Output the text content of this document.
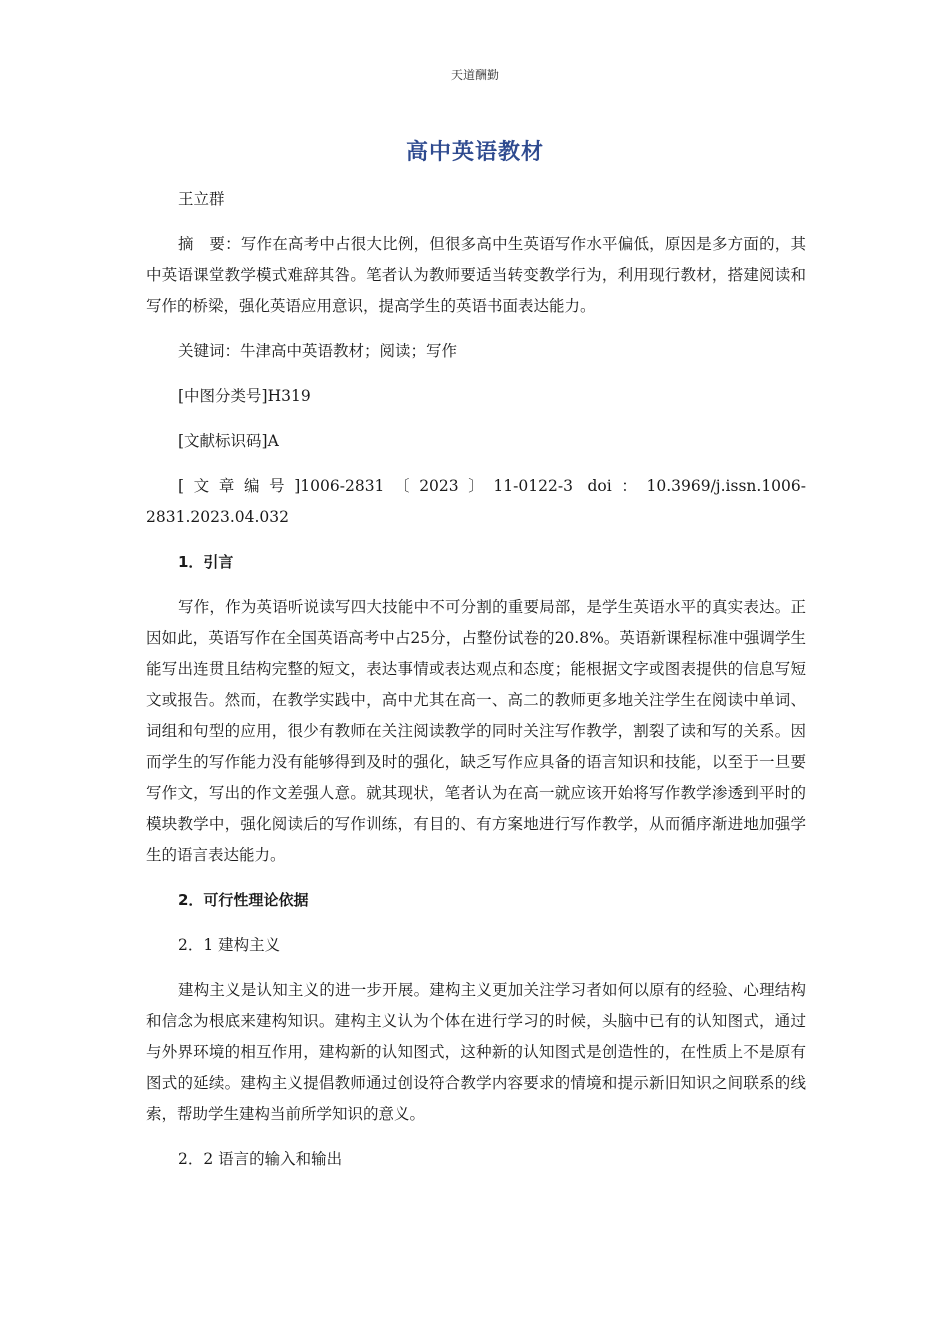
天道酬勤
高中英语教材

王立群

摘　要：写作在高考中占很大比例，但很多高中生英语写作水平偏低，原因是多方面的，其中英语课堂教学模式难辞其咎。笔者认为教师要适当转变教学行为，利用现行教材，搭建阅读和写作的桥梁，强化英语应用意识，提高学生的英语书面表达能力。

关键词：牛津高中英语教材；阅读；写作

[中图分类号]H319

[文献标识码]A

[文章编号]1006-2831〔2023〕11-0122-3 doi：10.3969/j.issn.1006-2831.2023.04.032

1．引言

写作，作为英语听说读写四大技能中不可分割的重要局部，是学生英语水平的真实表达。正因如此，英语写作在全国英语高考中占25分，占整份试卷的20.8%。英语新课程标准中强调学生能写出连贯且结构完整的短文，表达事情或表达观点和态度；能根据文字或图表提供的信息写短文或报告。然而，在教学实践中，高中尤其在高一、高二的教师更多地关注学生在阅读中单词、词组和句型的应用，很少有教师在关注阅读教学的同时关注写作教学，割裂了读和写的关系。因而学生的写作能力没有能够得到及时的强化，缺乏写作应具备的语言知识和技能，以至于一旦要写作文，写出的作文差强人意。就其现状，笔者认为在高一就应该开始将写作教学渗透到平时的模块教学中，强化阅读后的写作训练，有目的、有方案地进行写作教学，从而循序渐进地加强学生的语言表达能力。

2．可行性理论依据

2．1 建构主义

建构主义是认知主义的进一步开展。建构主义更加关注学习者如何以原有的经验、心理结构和信念为根底来建构知识。建构主义认为个体在进行学习的时候，头脑中已有的认知图式，通过与外界环境的相互作用，建构新的认知图式，这种新的认知图式是创造性的，在性质上不是原有图式的延续。建构主义提倡教师通过创设符合教学内容要求的情境和提示新旧知识之间联系的线索，帮助学生建构当前所学知识的意义。

2．2 语言的输入和输出
